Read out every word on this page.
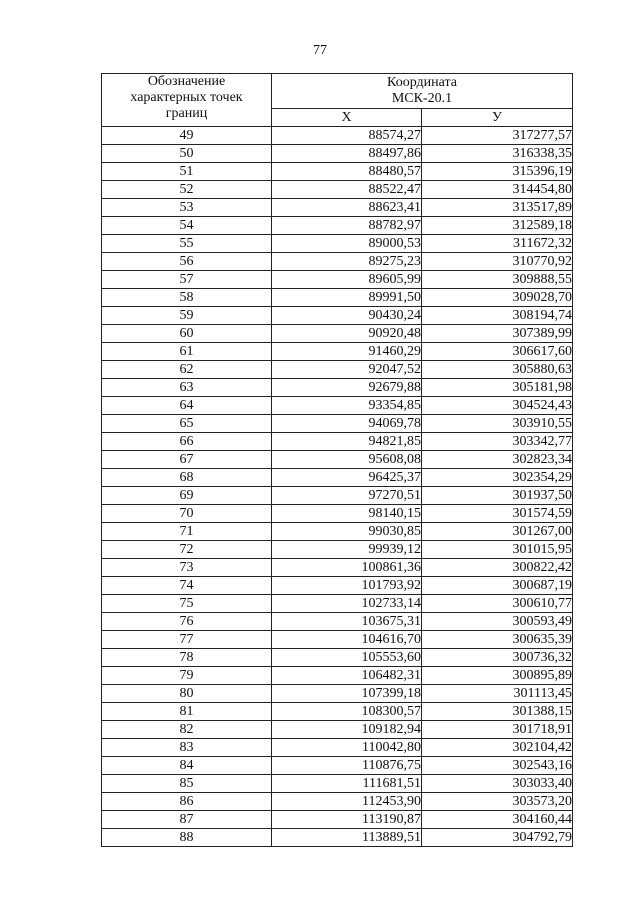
77
Обозначение
характерных точек
границ	Координата
МСК-20.1	

	X	У
49	88574,27	317277,57
50	88497,86	316338,35
51	88480,57	315396,19
52	88522,47	314454,80
53	88623,41	313517,89
54	88782,97	312589,18
55	89000,53	311672,32
56	89275,23	310770,92
57	89605,99	309888,55
58	89991,50	309028,70
59	90430,24	308194,74
60	90920,48	307389,99
61	91460,29	306617,60
62	92047,52	305880,63
63	92679,88	305181,98
64	93354,85	304524,43
65	94069,78	303910,55
66	94821,85	303342,77
67	95608,08	302823,34
68	96425,37	302354,29
69	97270,51	301937,50
70	98140,15	301574,59
71	99030,85	301267,00
72	99939,12	301015,95
73	100861,36	300822,42
74	101793,92	300687,19
75	102733,14	300610,77
76	103675,31	300593,49
77	104616,70	300635,39
78	105553,60	300736,32
79	106482,31	300895,89
80	107399,18	301113,45
81	108300,57	301388,15
82	109182,94	301718,91
83	110042,80	302104,42
84	110876,75	302543,16
85	111681,51	303033,40
86	112453,90	303573,20
87	113190,87	304160,44
88	113889,51	304792,79
